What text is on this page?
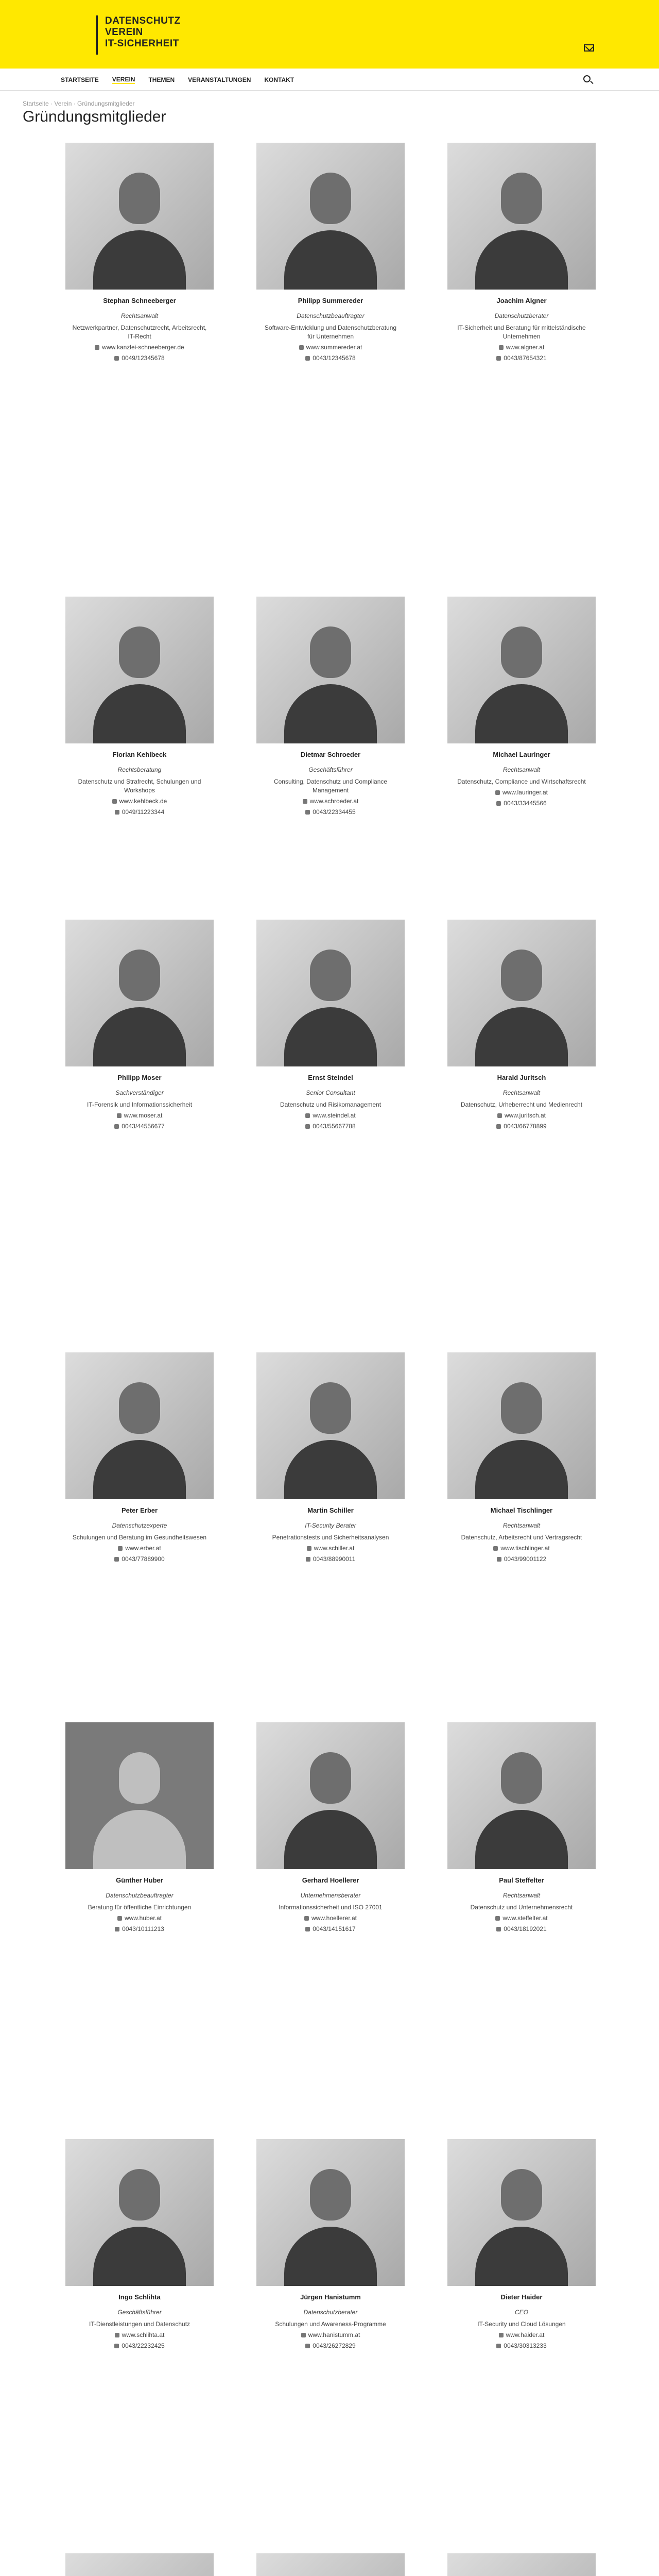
DATENSCHUTZ
VEREIN
IT-SICHERHEIT
STARTSEITE VEREIN THEMEN VERANSTALTUNGEN KONTAKT
Startseite · Verein · Gründungsmitglieder
Gründungsmitglieder
Stephan Schneeberger
Rechtsanwalt
Netzwerkpartner, Datenschutzrecht, Arbeitsrecht, IT-Recht
www.kanzlei-schneeberger.de
0049/12345678
Philipp Summereder
Datenschutzbeauftragter
Software-Entwicklung und Datenschutzberatung für Unternehmen
www.summereder.at
0043/12345678
Joachim Algner
Datenschutzberater
IT-Sicherheit und Beratung für mittelständische Unternehmen
www.algner.at
0043/87654321
Florian Kehlbeck
Rechtsberatung
Datenschutz und Strafrecht, Schulungen und Workshops
www.kehlbeck.de
0049/11223344
Dietmar Schroeder
Geschäftsführer
Consulting, Datenschutz und Compliance Management
www.schroeder.at
0043/22334455
Michael Lauringer
Rechtsanwalt
Datenschutz, Compliance und Wirtschaftsrecht
www.lauringer.at
0043/33445566
Philipp Moser
Sachverständiger
IT-Forensik und Informationssicherheit
www.moser.at
0043/44556677
Ernst Steindel
Senior Consultant
Datenschutz und Risikomanagement
www.steindel.at
0043/55667788
Harald Juritsch
Rechtsanwalt
Datenschutz, Urheberrecht und Medienrecht
www.juritsch.at
0043/66778899
Peter Erber
Datenschutzexperte
Schulungen und Beratung im Gesundheitswesen
www.erber.at
0043/77889900
Martin Schiller
IT-Security Berater
Penetrationstests und Sicherheitsanalysen
www.schiller.at
0043/88990011
Michael Tischlinger
Rechtsanwalt
Datenschutz, Arbeitsrecht und Vertragsrecht
www.tischlinger.at
0043/99001122
Günther Huber
Datenschutzbeauftragter
Beratung für öffentliche Einrichtungen
www.huber.at
0043/10111213
Gerhard Hoellerer
Unternehmensberater
Informationssicherheit und ISO 27001
www.hoellerer.at
0043/14151617
Paul Steffelter
Rechtsanwalt
Datenschutz und Unternehmensrecht
www.steffelter.at
0043/18192021
Ingo Schlihta
Geschäftsführer
IT-Dienstleistungen und Datenschutz
www.schlihta.at
0043/22232425
Jürgen Hanistumm
Datenschutzberater
Schulungen und Awareness-Programme
www.hanistumm.at
0043/26272829
Dieter Haider
CEO
IT-Security und Cloud Lösungen
www.haider.at
0043/30313233
